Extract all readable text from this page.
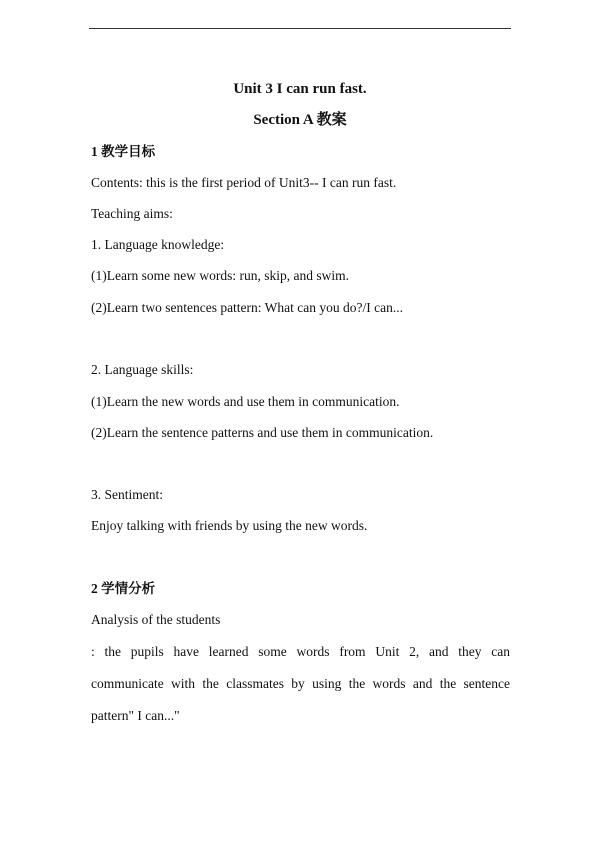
Unit 3 I can run fast.
Section A 教案
1 教学目标
Contents: this is the first period of Unit3-- I can run fast.
Teaching aims:
1. Language knowledge:
(1)Learn some new words: run, skip, and swim.
(2)Learn two sentences pattern: What can you do?/I can...
2. Language skills:
(1)Learn the new words and use them in communication.
(2)Learn the sentence patterns and use them in communication.
3. Sentiment:
Enjoy talking with friends by using the new words.
2 学情分析
Analysis of the students
: the pupils have learned some words from Unit 2, and they can
communicate with the classmates by using the words and the sentence
pattern" I can..."
